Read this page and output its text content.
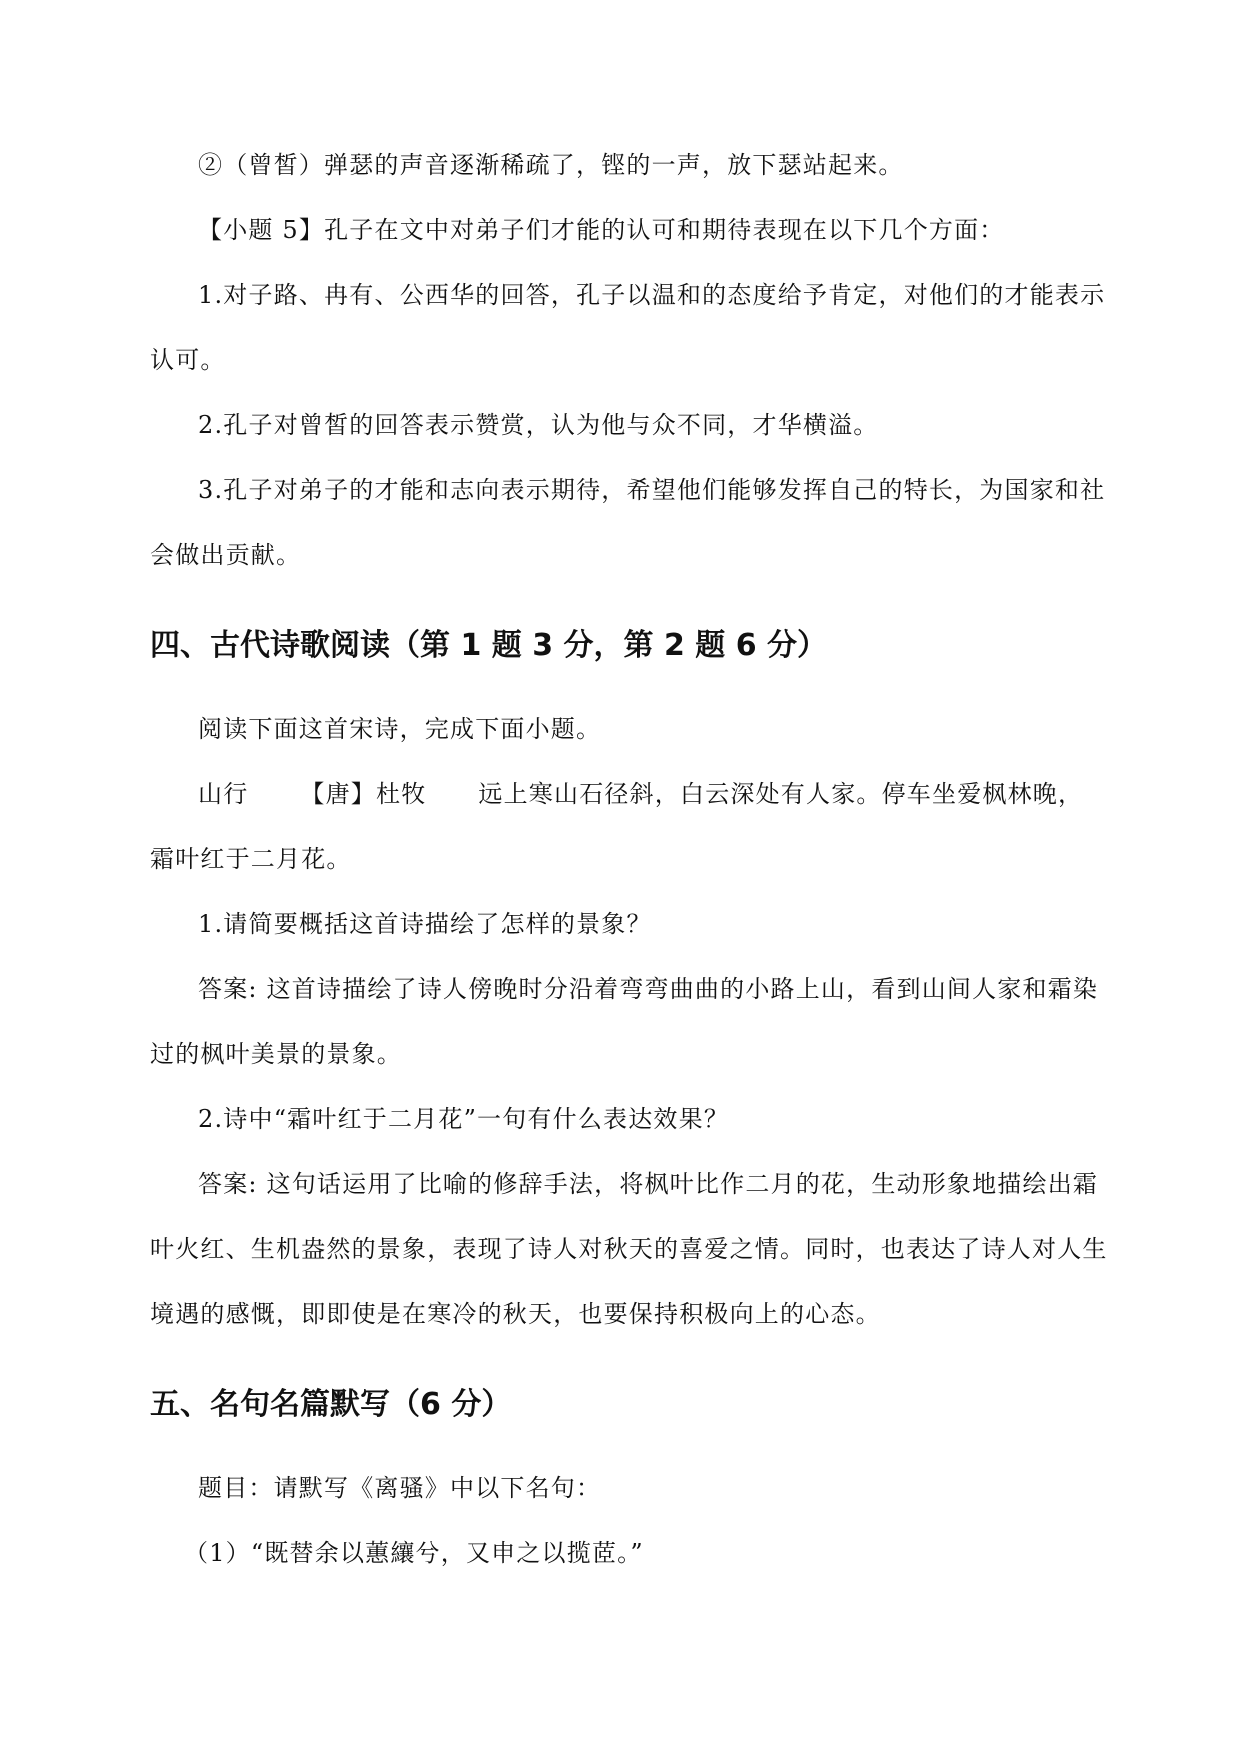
②（曾皙）弹瑟的声音逐渐稀疏了，铿的一声，放下瑟站起来。
【小题 5】孔子在文中对弟子们才能的认可和期待表现在以下几个方面：
1.对子路、冉有、公西华的回答，孔子以温和的态度给予肯定，对他们的才能表示
认可。
2.孔子对曾皙的回答表示赞赏，认为他与众不同，才华横溢。
3.孔子对弟子的才能和志向表示期待，希望他们能够发挥自己的特长，为国家和社
会做出贡献。
四、古代诗歌阅读（第 1 题 3 分，第 2 题 6 分）
阅读下面这首宋诗，完成下面小题。
山行 【唐】杜牧 远上寒山石径斜，白云深处有人家。停车坐爱枫林晚，
霜叶红于二月花。
1.请简要概括这首诗描绘了怎样的景象？
答案: 这首诗描绘了诗人傍晚时分沿着弯弯曲曲的小路上山，看到山间人家和霜染
过的枫叶美景的景象。
2.诗中“霜叶红于二月花”一句有什么表达效果？
答案: 这句话运用了比喻的修辞手法，将枫叶比作二月的花，生动形象地描绘出霜
叶火红、生机盎然的景象，表现了诗人对秋天的喜爱之情。同时，也表达了诗人对人生
境遇的感慨，即即使是在寒冷的秋天，也要保持积极向上的心态。
五、名句名篇默写（6 分）
题目：请默写《离骚》中以下名句：
（1）“既替余以蕙纕兮，又申之以揽茝。”
